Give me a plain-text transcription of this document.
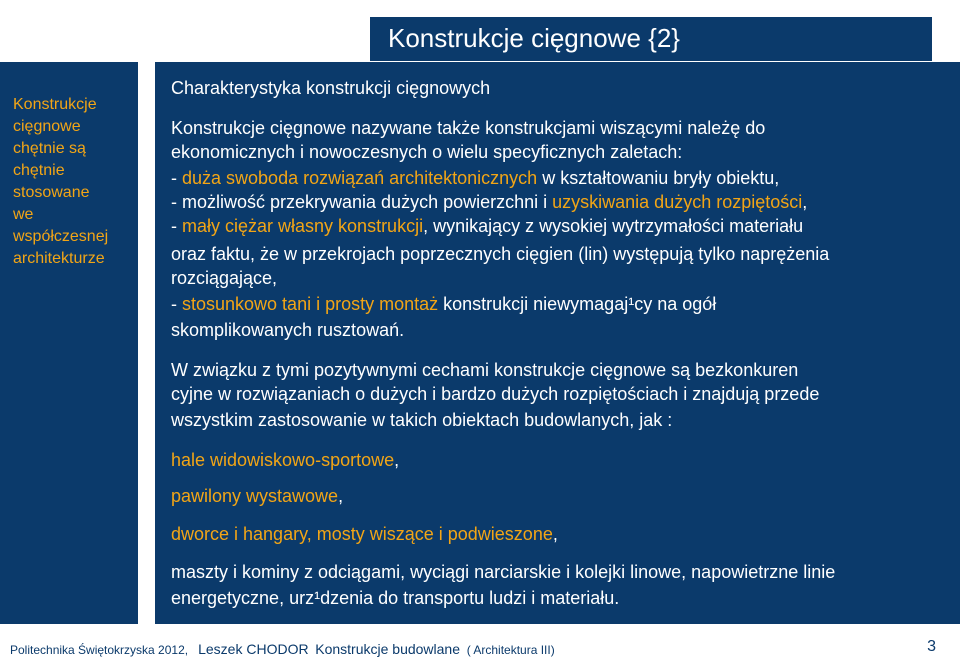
Konstrukcje cięgnowe {2}
Konstrukcje
cięgnowe
chętnie są
chętnie
stosowane
we
współczesnej
architekturze
Charakterystyka konstrukcji cięgnowych
Konstrukcje cięgnowe nazywane także konstrukcjami wiszącymi należę do
ekonomicznych i nowoczesnych o wielu specyficznych zaletach:
- duża swoboda rozwiązań architektonicznych w kształtowaniu bryły obiektu,
- możliwość przekrywania dużych powierzchni i uzyskiwania dużych rozpiętości,
- mały ciężar własny konstrukcji, wynikający z wysokiej wytrzymałości materiału
oraz faktu, że w przekrojach poprzecznych cięgien (lin) występują tylko naprężenia
rozciągające,
- stosunkowo tani i prosty montaż konstrukcji niewymagaj¹cy na ogół
skomplikowanych rusztowań.
W związku z tymi pozytywnymi cechami konstrukcje cięgnowe są bezkonkuren
cyjne w rozwiązaniach o dużych i bardzo dużych rozpiętościach i znajdują przede
wszystkim zastosowanie w takich obiektach budowlanych, jak :
hale widowiskowo-sportowe,
pawilony wystawowe,
dworce i hangary, mosty wiszące i podwieszone,
maszty i kominy z odciągami, wyciągi narciarskie i kolejki linowe, napowietrzne linie
energetyczne, urz¹dzenia do transportu ludzi i materiału.
Politechnika Świętokrzyska 2012,   Leszek CHODOR Konstrukcje budowlane ( Architektura III)	3
